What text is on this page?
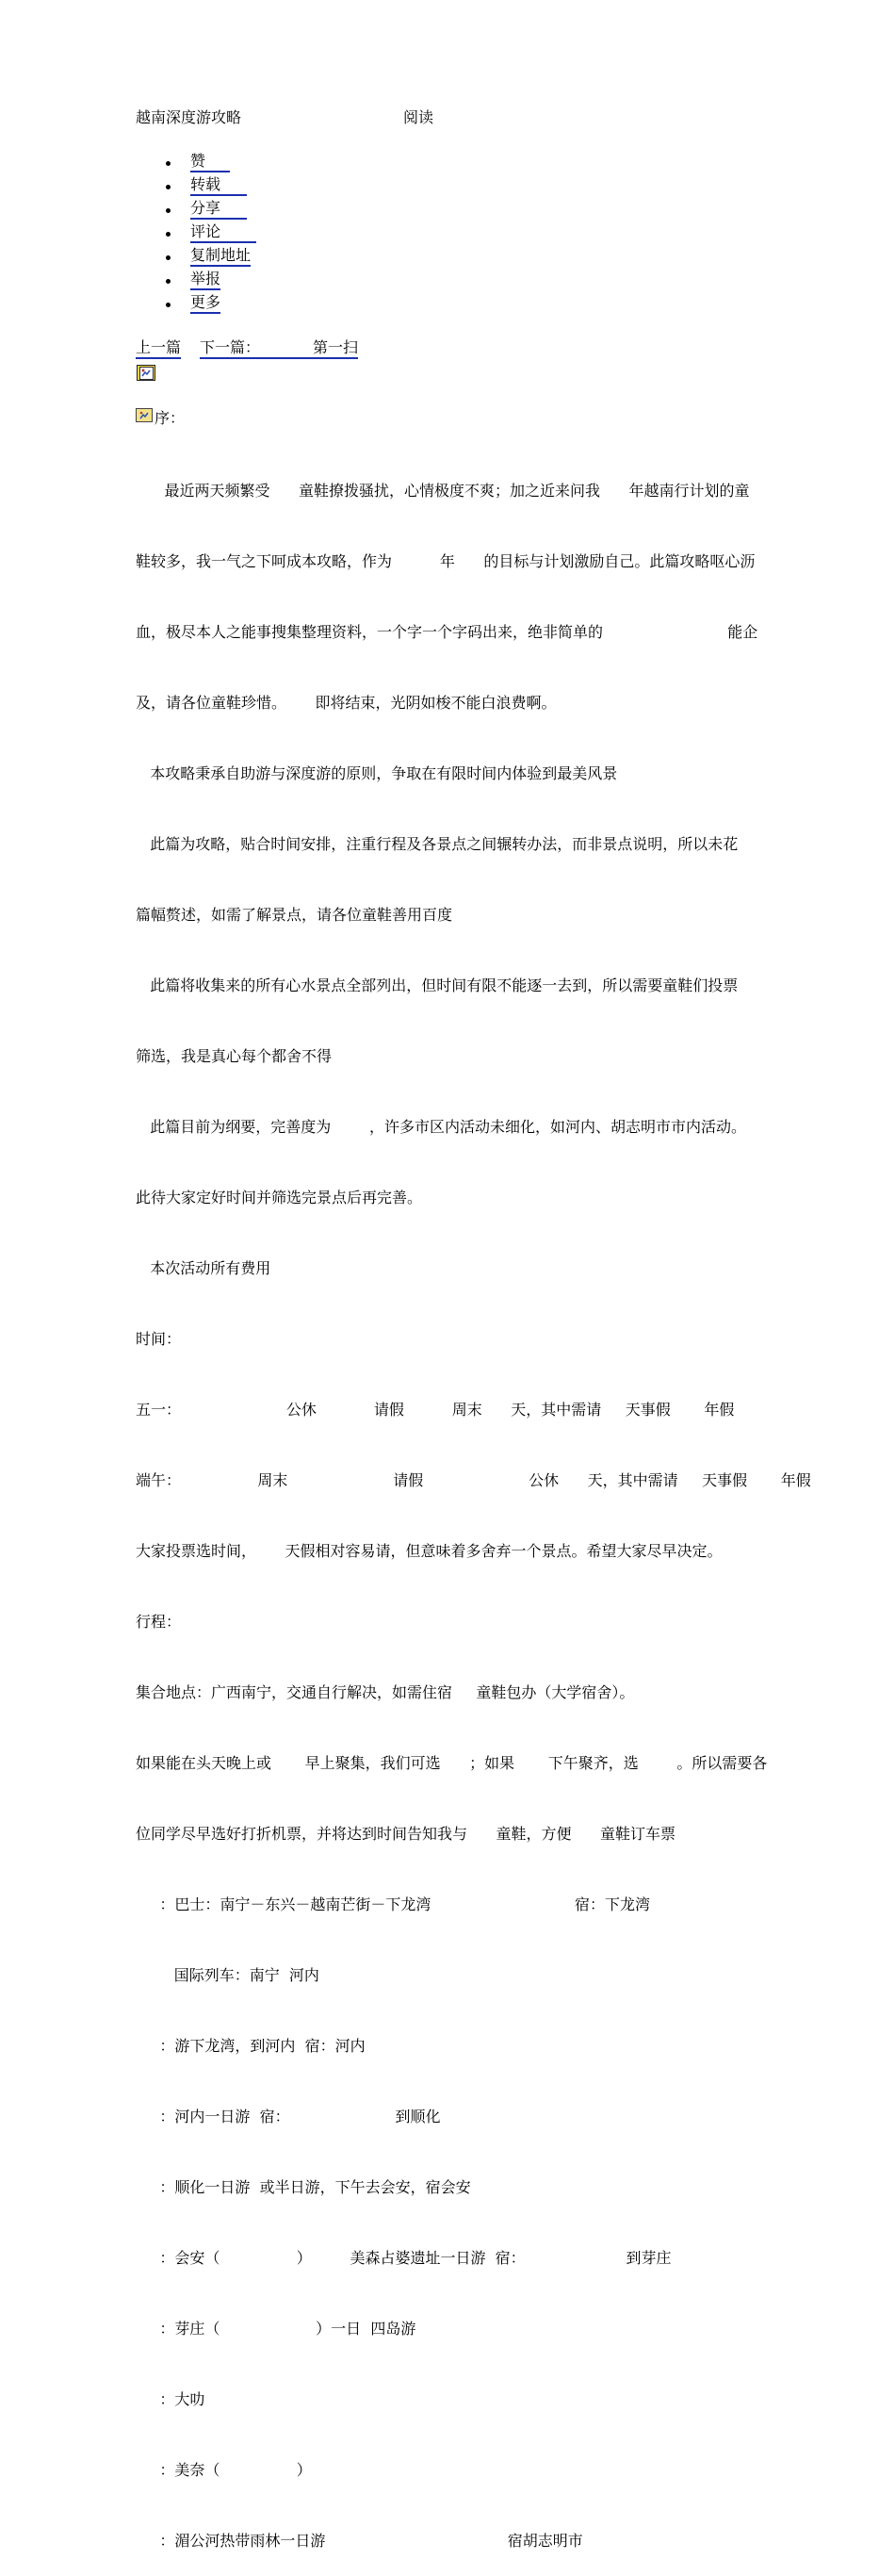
越南深度游攻略	阅读
赞
转载
分享
评论
复制地址
举报
更多
上一篇 下一篇：           第一扫
序：

最近两天频繁受      童鞋撩拨骚扰，心情极度不爽；加之近来问我      年越南行计划的童

鞋较多，我一气之下呵成本攻略，作为          年      的目标与计划激励自己。此篇攻略呕心沥

血，极尽本人之能事搜集整理资料，一个字一个字码出来，绝非简单的                          能企

及，请各位童鞋珍惜。      即将结束，光阴如梭不能白浪费啊。

本攻略秉承自助游与深度游的原则，争取在有限时间内体验到最美风景

此篇为攻略，贴合时间安排，注重行程及各景点之间辗转办法，而非景点说明，所以未花

篇幅赘述，如需了解景点，请各位童鞋善用百度

此篇将收集来的所有心水景点全部列出，但时间有限不能逐一去到，所以需要童鞋们投票

筛选，我是真心每个都舍不得

此篇目前为纲要，完善度为        ，许多市区内活动未细化，如河内、胡志明市市内活动。

此待大家定好时间并筛选完景点后再完善。

本次活动所有费用

时间：

五一：                      公休            请假          周末      天，其中需请     天事假       年假

端午：                周末                      请假                      公休      天，其中需请     天事假       年假

大家投票选时间，      天假相对容易请，但意味着多舍弃一个景点。希望大家尽早决定。

行程：

集合地点：广西南宁，交通自行解决，如需住宿     童鞋包办（大学宿舍）。

如果能在头天晚上或       早上聚集，我们可选      ；如果       下午聚齐，选        。所以需要各

位同学尽早选好打折机票，并将达到时间告知我与      童鞋，方便      童鞋订车票

：巴士：南宁－东兴－越南芒街－下龙湾                              宿：下龙湾

国际列车：南宁  河内

：游下龙湾，到河内  宿：河内

：河内一日游  宿：                      到顺化

：顺化一日游  或半日游，下午去会安，宿会安

：会安（                ）        美森占婆遗址一日游  宿：                     到芽庄

：芽庄（                    ）一日  四岛游

：大叻

：美奈（                ）

：湄公河热带雨林一日游                                      宿胡志明市
